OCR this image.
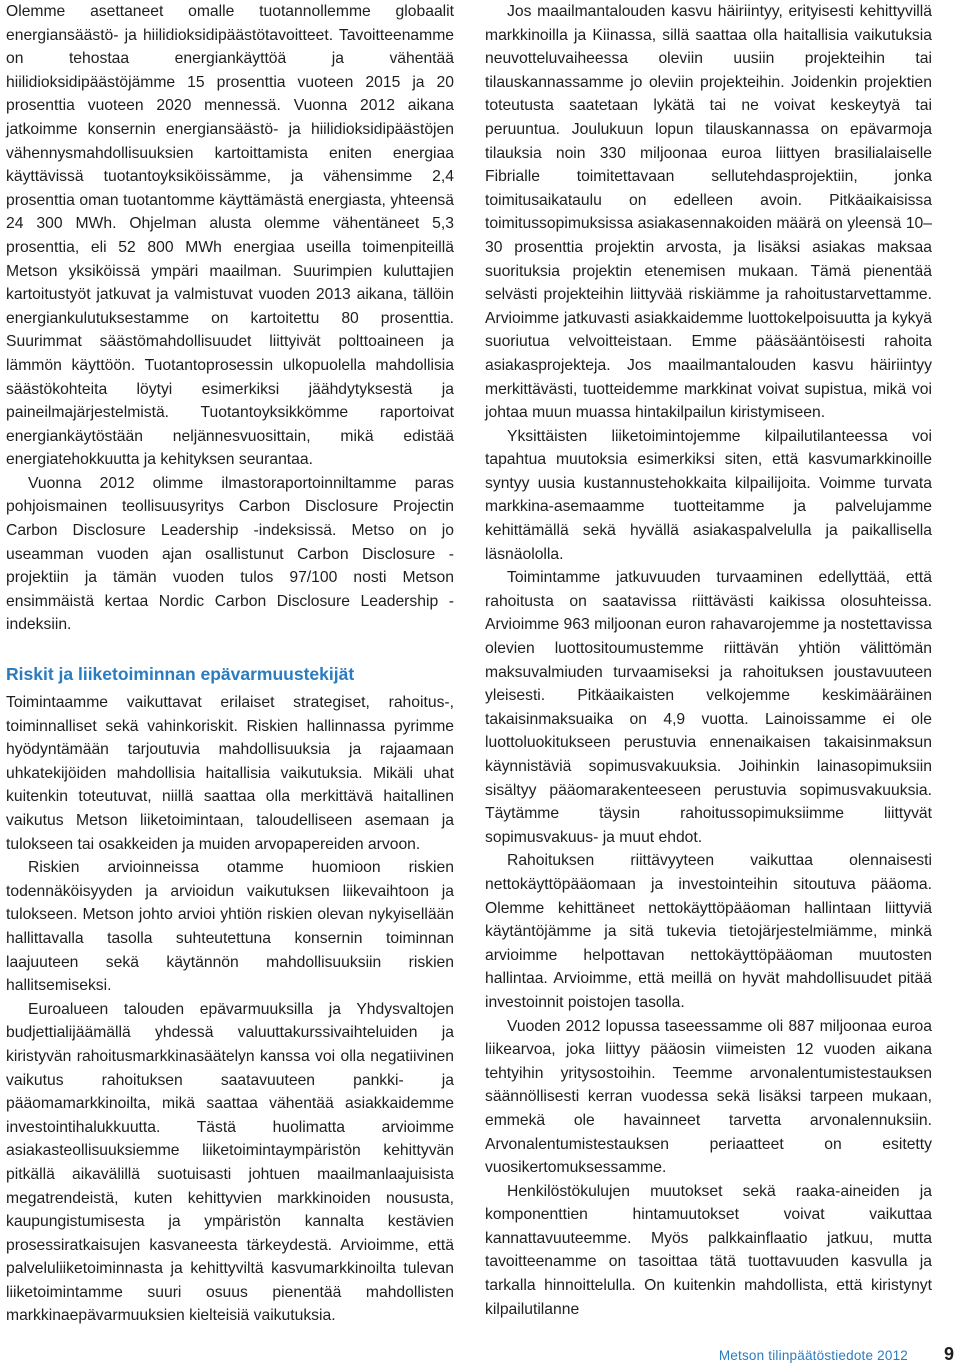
Olemme asettaneet omalle tuotannollemme globaalit energiansäästö- ja hiilidioksidipäästötavoitteet. Tavoitteenamme on tehostaa energiankäyttöä ja vähentää hiilidioksidipäästöjämme 15 prosenttia vuoteen 2015 ja 20 prosenttia vuoteen 2020 mennessä. Vuonna 2012 aikana jatkoimme konsernin energiansäästö- ja hiilidioksidipäästöjen vähennysmahdollisuuksien kartoittamista eniten energiaa käyttävissä tuotantoyksiköissämme, ja vähensimme 2,4 prosenttia oman tuotantomme käyttämästä energiasta, yhteensä 24 300 MWh. Ohjelman alusta olemme vähentäneet 5,3 prosenttia, eli 52 800 MWh energiaa useilla toimenpiteillä Metson yksiköissä ympäri maailman. Suurimpien kuluttajien kartoitustyöt jatkuvat ja valmistuvat vuoden 2013 aikana, tällöin energiankulutuksestamme on kartoitettu 80 prosenttia. Suurimmat säästömahdollisuudet liittyivät polttoaineen ja lämmön käyttöön. Tuotantoprosessin ulkopuolella mahdollisia säästökohteita löytyi esimerkiksi jäähdytyksestä ja paineilmajärjestelmistä. Tuotantoyksikkömme raportoivat energiankäytöstään neljännesvuosittain, mikä edistää energiatehokkuutta ja kehityksen seurantaa.

Vuonna 2012 olimme ilmastoraportoinniltamme paras pohjoismainen teollisuusyritys Carbon Disclosure Projectin Carbon Disclosure Leadership -indeksissä. Metso on jo useamman vuoden ajan osallistunut Carbon Disclosure -projektiin ja tämän vuoden tulos 97/100 nosti Metson ensimmäistä kertaa Nordic Carbon Disclosure Leadership -indeksiin.

Riskit ja liiketoiminnan epävarmuustekijät

Toimintaamme vaikuttavat erilaiset strategiset, rahoitus-, toiminnalliset sekä vahinkoriskit. Riskien hallinnassa pyrimme hyödyntämään tarjoutuvia mahdollisuuksia ja rajaamaan uhkatekijöiden mahdollisia haitallisia vaikutuksia. Mikäli uhat kuitenkin toteutuvat, niillä saattaa olla merkittävä haitallinen vaikutus Metson liiketoimintaan, taloudelliseen asemaan ja tulokseen tai osakkeiden ja muiden arvopapereiden arvoon.

Riskien arvioinneissa otamme huomioon riskien todennäköisyyden ja arvioidun vaikutuksen liikevaihtoon ja tulokseen. Metson johto arvioi yhtiön riskien olevan nykyisellään hallittavalla tasolla suhteutettuna konsernin toiminnan laajuuteen sekä käytännön mahdollisuuksiin riskien hallitsemiseksi.

Euroalueen talouden epävarmuuksilla ja Yhdysvaltojen budjettialijäämällä yhdessä valuuttakurssivaihteluiden ja kiristyvän rahoitusmarkkinasäätelyn kanssa voi olla negatiivinen vaikutus rahoituksen saatavuuteen pankki- ja pääomamarkkinoilta, mikä saattaa vähentää asiakkaidemme investointihalukkuutta. Tästä huolimatta arvioimme asiakasteollisuuksiemme liiketoimintaympäristön kehittyvän pitkällä aikavälillä suotuisasti johtuen maailmanlaajuisista megatrendeistä, kuten kehittyvien markkinoiden noususta, kaupungistumisesta ja ympäristön kannalta kestävien prosessiratkaisujen kasvaneesta tärkeydestä. Arvioimme, että palveluliiketoiminnasta ja kehittyviltä kasvumarkkinoilta tulevan liiketoimintamme suuri osuus pienentää mahdollisten markkinaepävarmuuksien kielteisiä vaikutuksia.

Jos maailmantalouden kasvu häiriintyy, erityisesti kehittyvillä markkinoilla ja Kiinassa, sillä saattaa olla haitallisia vaikutuksia neuvotteluvaiheessa oleviin uusiin projekteihin tai tilauskannassamme jo oleviin projekteihin. Joidenkin projektien toteutusta saatetaan lykätä tai ne voivat keskeytyä tai peruuntua. Joulukuun lopun tilauskannassa on epävarmoja tilauksia noin 330 miljoonaa euroa liittyen brasilialaiselle Fibrialle toimitettavaan sellutehdasprojektiin, jonka toimitusaikataulu on edelleen avoin. Pitkäaikaisissa toimitussopimuksissa asiakasennakoiden määrä on yleensä 10–30 prosenttia projektin arvosta, ja lisäksi asiakas maksaa suorituksia projektin etenemisen mukaan. Tämä pienentää selvästi projekteihin liittyvää riskiämme ja rahoitustarvettamme. Arvioimme jatkuvasti asiakkaidemme luottokelpoisuutta ja kykyä suoriutua velvoitteistaan. Emme pääsääntöisesti rahoita asiakasprojekteja. Jos maailmantalouden kasvu häiriintyy merkittävästi, tuotteidemme markkinat voivat supistua, mikä voi johtaa muun muassa hintakilpailun kiristymiseen.

Yksittäisten liiketoimintojemme kilpailutilanteessa voi tapahtua muutoksia esimerkiksi siten, että kasvumarkkinoille syntyy uusia kustannustehokkaita kilpailijoita. Voimme turvata markkina-asemaamme tuotteitamme ja palvelujamme kehittämällä sekä hyvällä asiakaspalvelulla ja paikallisella läsnäololla.

Toimintamme jatkuvuuden turvaaminen edellyttää, että rahoitusta on saatavissa riittävästi kaikissa olosuhteissa. Arvioimme 963 miljoonan euron rahavarojemme ja nostettavissa olevien luottositoumustemme riittävän yhtiön välittömän maksuvalmiuden turvaamiseksi ja rahoituksen joustavuuteen yleisesti. Pitkäaikaisten velkojemme keskimääräinen takaisinmaksuaika on 4,9 vuotta. Lainoissamme ei ole luottoluokitukseen perustuvia ennenaikaisen takaisinmaksun käynnistäviä sopimusvakuuksia. Joihinkin lainasopimuksiin sisältyy pääomarakenteeseen perustuvia sopimusvakuuksia. Täytämme täysin rahoitussopimuksiimme liittyvät sopimusvakuus- ja muut ehdot.

Rahoituksen riittävyyteen vaikuttaa olennaisesti nettokäyttöpääomaan ja investointeihin sitoutuva pääoma. Olemme kehittäneet nettokäyttöpääoman hallintaan liittyviä käytäntöjämme ja sitä tukevia tietojärjestelmiämme, minkä arvioimme helpottavan nettokäyttöpääoman muutosten hallintaa. Arvioimme, että meillä on hyvät mahdollisuudet pitää investoinnit poistojen tasolla.

Vuoden 2012 lopussa taseessamme oli 887 miljoonaa euroa liikearvoa, joka liittyy pääosin viimeisten 12 vuoden aikana tehtyihin yritysostoihin. Teemme arvonalentumistestauksen säännöllisesti kerran vuodessa sekä lisäksi tarpeen mukaan, emmekä ole havainneet tarvetta arvonalennuksiin. Arvonalentumistestauksen periaatteet on esitetty vuosikertomuksessamme.

Henkilöstökulujen muutokset sekä raaka-aineiden ja komponenttien hintamuutokset voivat vaikuttaa kannattavuuteemme. Myös palkkainflaatio jatkuu, mutta tavoitteenamme on tasoittaa tätä tuottavuuden kasvulla ja tarkalla hinnoittelulla. On kuitenkin mahdollista, että kiristynyt kilpailutilanne

Metson tilinpäätöstiedote 2012 9
